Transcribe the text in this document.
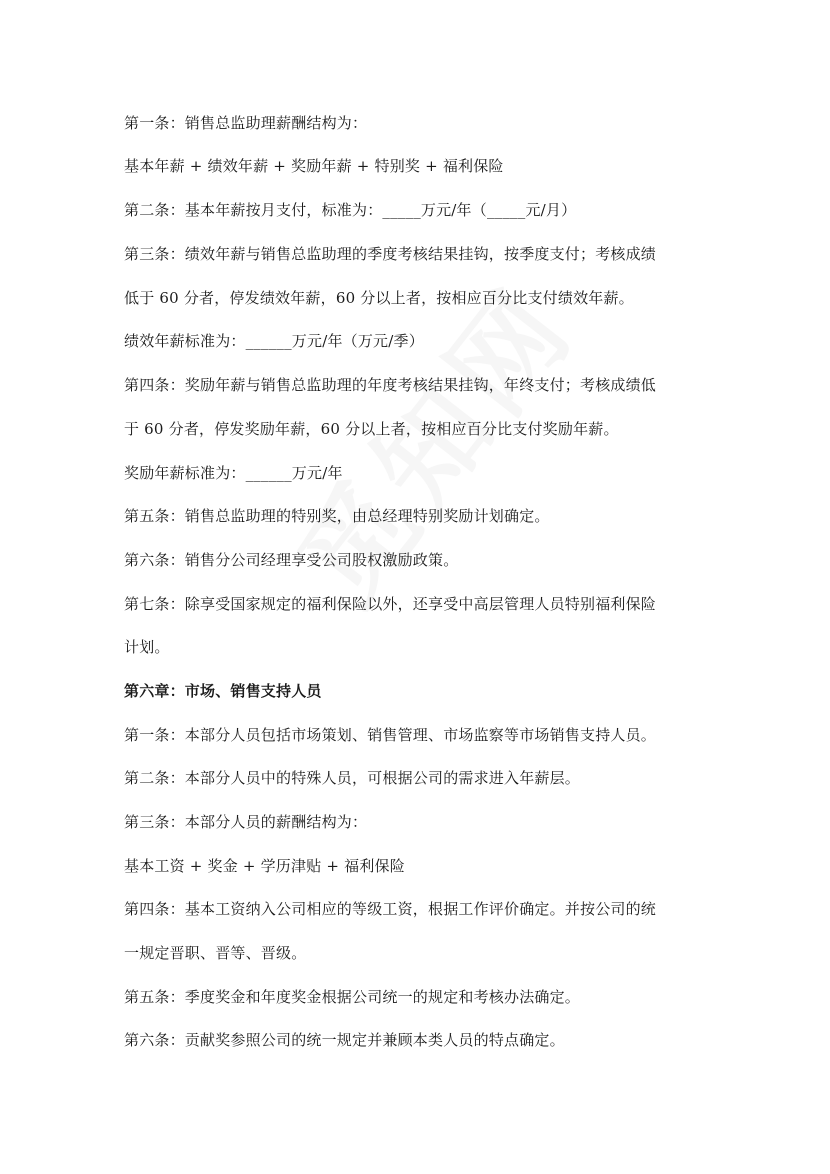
第一条：销售总监助理薪酬结构为：
基本年薪 + 绩效年薪 + 奖励年薪 + 特别奖 + 福利保险
第二条：基本年薪按月支付，标准为：_____万元/年（_____元/月）
第三条：绩效年薪与销售总监助理的季度考核结果挂钩，按季度支付；考核成绩
低于 60 分者，停发绩效年薪，60 分以上者，按相应百分比支付绩效年薪。
绩效年薪标准为：______万元/年（万元/季）
第四条：奖励年薪与销售总监助理的年度考核结果挂钩，年终支付；考核成绩低
于 60 分者，停发奖励年薪，60 分以上者，按相应百分比支付奖励年薪。
奖励年薪标准为：______万元/年
第五条：销售总监助理的特别奖，由总经理特别奖励计划确定。
第六条：销售分公司经理享受公司股权激励政策。
第七条：除享受国家规定的福利保险以外，还享受中高层管理人员特别福利保险
计划。
第六章：市场、销售支持人员
第一条：本部分人员包括市场策划、销售管理、市场监察等市场销售支持人员。
第二条：本部分人员中的特殊人员，可根据公司的需求进入年薪层。
第三条：本部分人员的薪酬结构为：
基本工资 + 奖金 + 学历津贴 + 福利保险
第四条：基本工资纳入公司相应的等级工资，根据工作评价确定。并按公司的统
一规定晋职、晋等、晋级。
第五条：季度奖金和年度奖金根据公司统一的规定和考核办法确定。
第六条：贡献奖参照公司的统一规定并兼顾本类人员的特点确定。
